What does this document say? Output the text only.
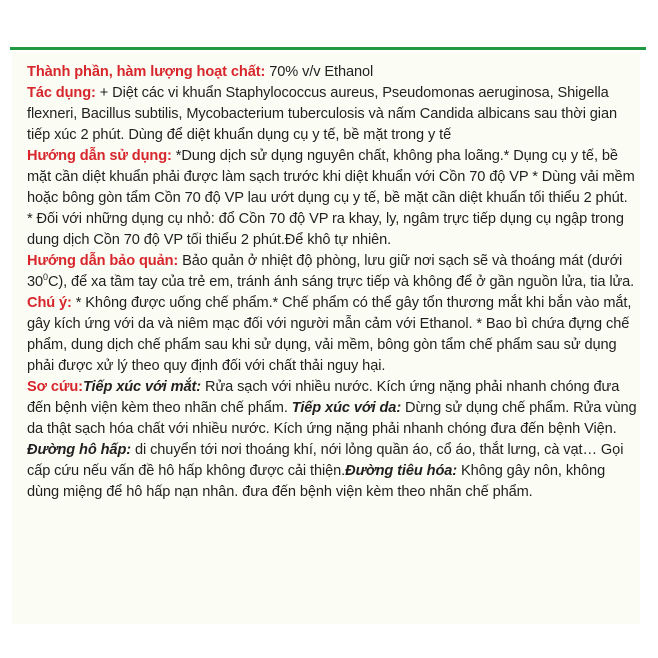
Thành phần, hàm lượng hoạt chất: 70% v/v Ethanol

Tác dụng: + Diệt các vi khuẩn Staphylococcus aureus, Pseudomonas aeruginosa, Shigella flexneri, Bacillus subtilis, Mycobacterium tuberculosis và nấm Candida albicans sau thời gian tiếp xúc 2 phút. Dùng để diệt khuẩn dụng cụ y tế, bề mặt trong y tế

Hướng dẫn sử dụng: *Dung dịch sử dụng nguyên chất, không pha loãng.* Dụng cụ y tế, bề mặt cần diệt khuẩn phải được làm sạch trước khi diệt khuẩn với Cồn 70 độ VP * Dùng vải mềm hoặc bông gòn tẩm Cồn 70 độ VP lau ướt dụng cụ y tế, bề mặt cần diệt khuẩn tối thiểu 2 phút. * Đối với những dụng cụ nhỏ: đổ Cồn 70 độ VP ra khay, ly, ngâm trực tiếp dụng cụ ngập trong dung dịch Cồn 70 độ VP tối thiểu 2 phút.Để khô tự nhiên.

Hướng dẫn bảo quản: Bảo quản ở nhiệt độ phòng, lưu giữ nơi sạch sẽ và thoáng mát (dưới $30^0C$), để xa tầm tay của trẻ em, tránh ánh sáng trực tiếp và không để ở gần nguồn lửa, tia lửa.

Chú ý: * Không được uống chế phẩm.* Chế phẩm có thể gây tổn thương mắt khi bắn vào mắt, gây kích ứng với da và niêm mạc đối với người mẫn cảm với Ethanol. * Bao bì chứa đựng chế phẩm, dung dịch chế phẩm sau khi sử dụng, vải mềm, bông gòn tẩm chế phẩm sau sử dụng phải được xử lý theo quy định đối với chất thải nguy hại.

Sơ cứu:Tiếp xúc với mắt: Rửa sạch với nhiều nước. Kích ứng nặng phải nhanh chóng đưa đến bệnh viện kèm theo nhãn chế phẩm. Tiếp xúc với da: Dừng sử dụng chế phẩm. Rửa vùng da thật sạch hóa chất với nhiều nước. Kích ứng nặng phải nhanh chóng đưa đến bệnh Viện. Đường hô hấp: di chuyển tới nơi thoáng khí, nới lỏng quần áo, cổ áo, thắt lưng, cà vạt… Gọi cấp cứu nếu vấn đề hô hấp không được cải thiện.Đường tiêu hóa: Không gây nôn, không dùng miệng để hô hấp nạn nhân. đưa đến bệnh viện kèm theo nhãn chế phẩm.
